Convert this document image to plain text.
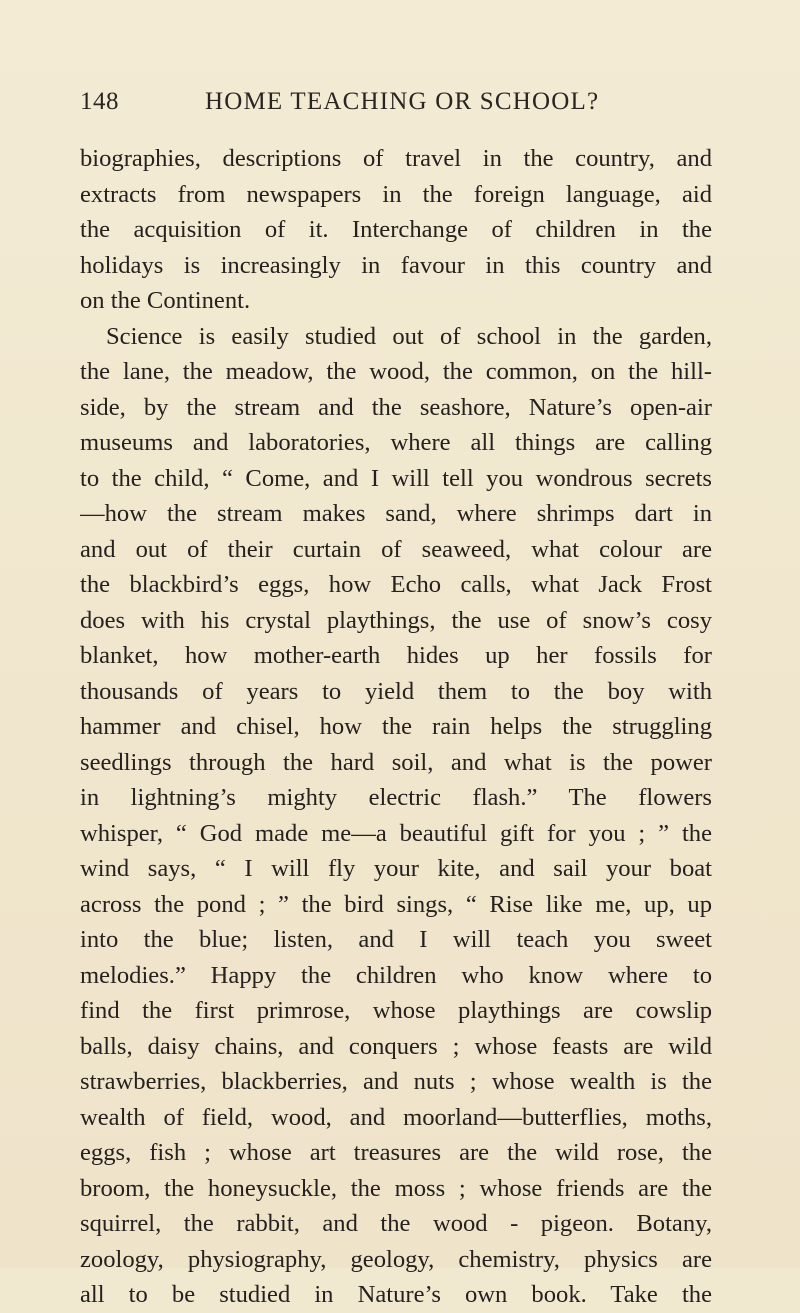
148	HOME TEACHING OR SCHOOL?
biographies, descriptions of travel in the country, and
extracts from newspapers in the foreign language, aid
the acquisition of it. Interchange of children in the
holidays is increasingly in favour in this country and
on the Continent.
Science is easily studied out of school in the garden,
the lane, the meadow, the wood, the common, on the hill-
side, by the stream and the seashore, Nature’s open-air
museums and laboratories, where all things are calling
to the child, “ Come, and I will tell you wondrous secrets
—how the stream makes sand, where shrimps dart in
and out of their curtain of seaweed, what colour are
the blackbird’s eggs, how Echo calls, what Jack Frost
does with his crystal playthings, the use of snow’s cosy
blanket, how mother-earth hides up her fossils for
thousands of years to yield them to the boy with
hammer and chisel, how the rain helps the struggling
seedlings through the hard soil, and what is the power
in lightning’s mighty electric flash.” The flowers
whisper, “ God made me—a beautiful gift for you ; ” the
wind says, “ I will fly your kite, and sail your boat
across the pond ; ” the bird sings, “ Rise like me, up, up
into the blue; listen, and I will teach you sweet
melodies.” Happy the children who know where to
find the first primrose, whose playthings are cowslip
balls, daisy chains, and conquers ; whose feasts are wild
strawberries, blackberries, and nuts ; whose wealth is the
wealth of field, wood, and moorland—butterflies, moths,
eggs, fish ; whose art treasures are the wild rose, the
broom, the honeysuckle, the moss ; whose friends are the
squirrel, the rabbit, and the wood - pigeon. Botany,
zoology, physiography, geology, chemistry, physics are
all to be studied in Nature’s own book. Take the
